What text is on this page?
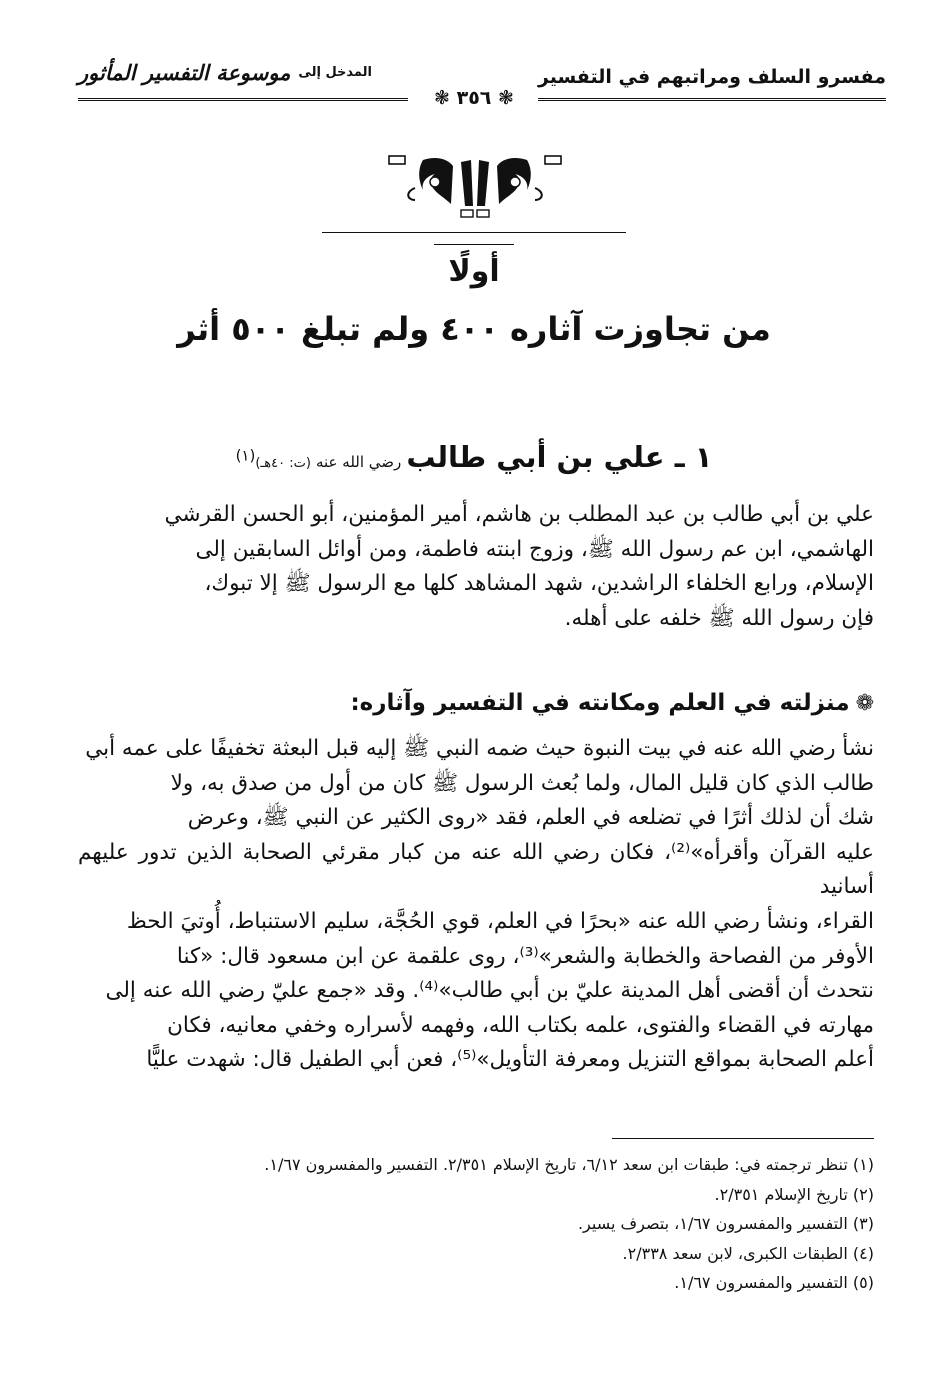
مفسرو السلف ومراتبهم في التفسير
المدخل إلى
موسوعة التفسير المأثور
❃ ٣٥٦ ❃
أولًا
من تجاوزت آثاره ٤٠٠ ولم تبلغ ٥٠٠ أثر
١ ـ علي بن أبي طالب رضي الله عنه (ت: ٤٠هـ)$^{(١)}$
علي بن أبي طالب بن عبد المطلب بن هاشم، أمير المؤمنين، أبو الحسن القرشي
الهاشمي، ابن عم رسول الله ﷺ، وزوج ابنته فاطمة، ومن أوائل السابقين إلى
الإسلام، ورابع الخلفاء الراشدين، شهد المشاهد كلها مع الرسول ﷺ إلا تبوك،
فإن رسول الله ﷺ خلفه على أهله.
❁منزلته في العلم ومكانته في التفسير وآثاره:
نشأ رضي الله عنه في بيت النبوة حيث ضمه النبي ﷺ إليه قبل البعثة تخفيفًا على عمه أبي
طالب الذي كان قليل المال، ولما بُعث الرسول ﷺ كان من أول من صدق به، ولا
شك أن لذلك أثرًا في تضلعه في العلم، فقد «روى الكثير عن النبي ﷺ، وعرض
عليه القرآن وأقرأه»⁽²⁾، فكان رضي الله عنه من كبار مقرئي الصحابة الذين تدور عليهم أسانيد
القراء، ونشأ رضي الله عنه «بحرًا في العلم، قوي الحُجَّة، سليم الاستنباط، أُوتيَ الحظ
الأوفر من الفصاحة والخطابة والشعر»⁽³⁾، روى علقمة عن ابن مسعود قال: «كنا
نتحدث أن أقضى أهل المدينة عليّ بن أبي طالب»⁽⁴⁾. وقد «جمع عليّ رضي الله عنه إلى
مهارته في القضاء والفتوى، علمه بكتاب الله، وفهمه لأسراره وخفي معانيه، فكان
أعلم الصحابة بمواقع التنزيل ومعرفة التأويل»⁽⁵⁾، فعن أبي الطفيل قال: شهدت عليًّا
(١) تنظر ترجمته في: طبقات ابن سعد ٦/١٢، تاريخ الإسلام ٢/٣٥١. التفسير والمفسرون ١/٦٧.
(٢) تاريخ الإسلام ٢/٣٥١.
(٣) التفسير والمفسرون ١/٦٧، بتصرف يسير.
(٤) الطبقات الكبرى، لابن سعد ٢/٣٣٨.
(٥) التفسير والمفسرون ١/٦٧.
